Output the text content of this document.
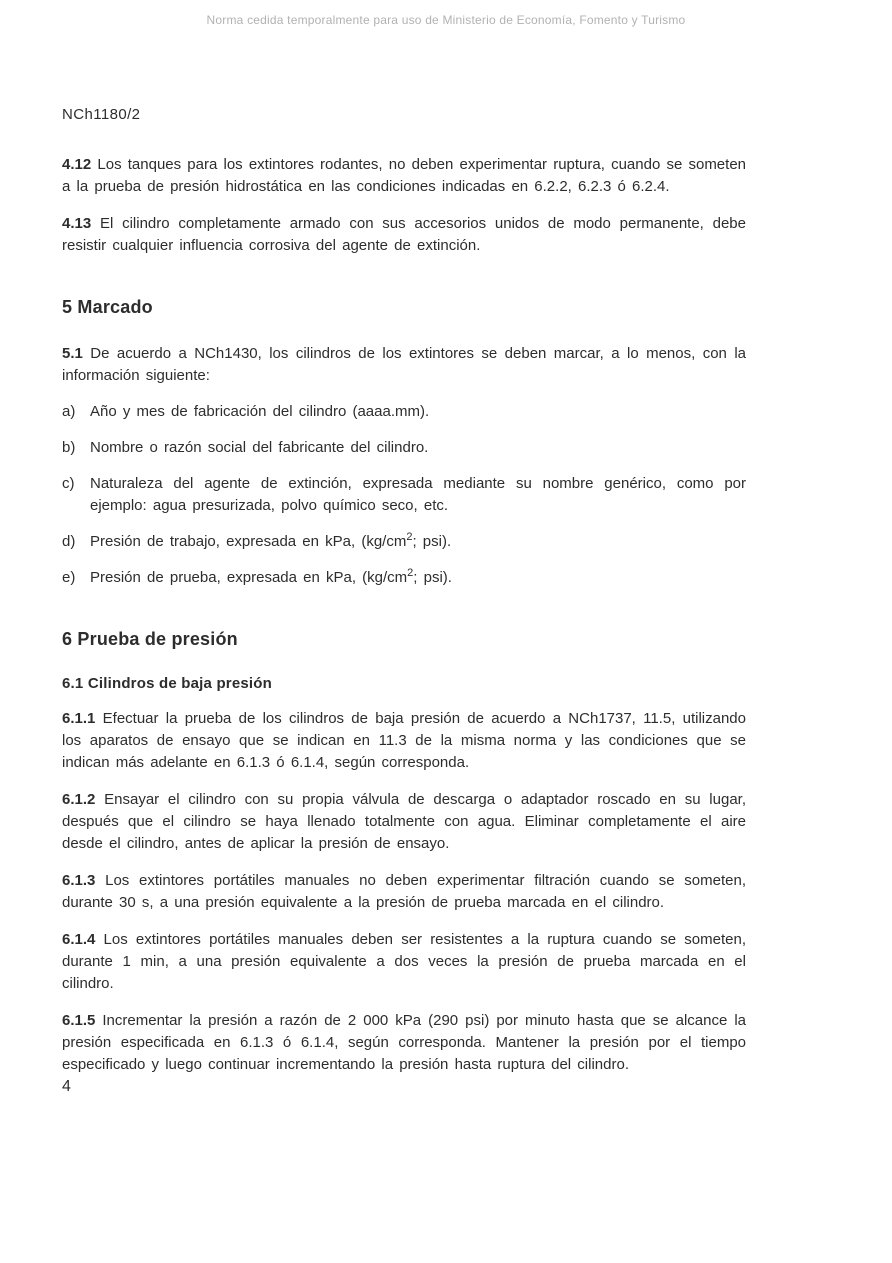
Norma cedida temporalmente para uso de Ministerio de Economía, Fomento y Turismo
NCh1180/2

4.12 Los tanques para los extintores rodantes, no deben experimentar ruptura, cuando se someten a la prueba de presión hidrostática en las condiciones indicadas en 6.2.2, 6.2.3 ó 6.2.4.

4.13 El cilindro completamente armado con sus accesorios unidos de modo permanente, debe resistir cualquier influencia corrosiva del agente de extinción.

5 Marcado

5.1 De acuerdo a NCh1430, los cilindros de los extintores se deben marcar, a lo menos, con la información siguiente:

a) Año y mes de fabricación del cilindro (aaaa.mm).
b) Nombre o razón social del fabricante del cilindro.
c)	Naturaleza del agente de extinción, expresada mediante su nombre genérico, como por ejemplo: agua presurizada, polvo químico seco, etc.
d) Presión de trabajo, expresada en kPa, ($kg/cm^2$; psi).
e) Presión de prueba, expresada en kPa, ($kg/cm^2$; psi).
6 Prueba de presión
6.1 Cilindros de baja presión

6.1.1 Efectuar la prueba de los cilindros de baja presión de acuerdo a NCh1737, 11.5, utilizando los aparatos de ensayo que se indican en 11.3 de la misma norma y las condiciones que se indican más adelante en 6.1.3 ó 6.1.4, según corresponda.

6.1.2 Ensayar el cilindro con su propia válvula de descarga o adaptador roscado en su lugar, después que el cilindro se haya llenado totalmente con agua. Eliminar completamente el aire desde el cilindro, antes de aplicar la presión de ensayo.

6.1.3 Los extintores portátiles manuales no deben experimentar filtración cuando se someten, durante 30 s, a una presión equivalente a la presión de prueba marcada en el cilindro.

6.1.4 Los extintores portátiles manuales deben ser resistentes a la ruptura cuando se someten, durante 1 min, a una presión equivalente a dos veces la presión de prueba marcada en el cilindro.

6.1.5 Incrementar la presión a razón de 2 000 kPa (290 psi) por minuto hasta que se alcance la presión especificada en 6.1.3 ó 6.1.4, según corresponda. Mantener la presión por el tiempo especificado y luego continuar incrementando la presión hasta ruptura del cilindro.

4
